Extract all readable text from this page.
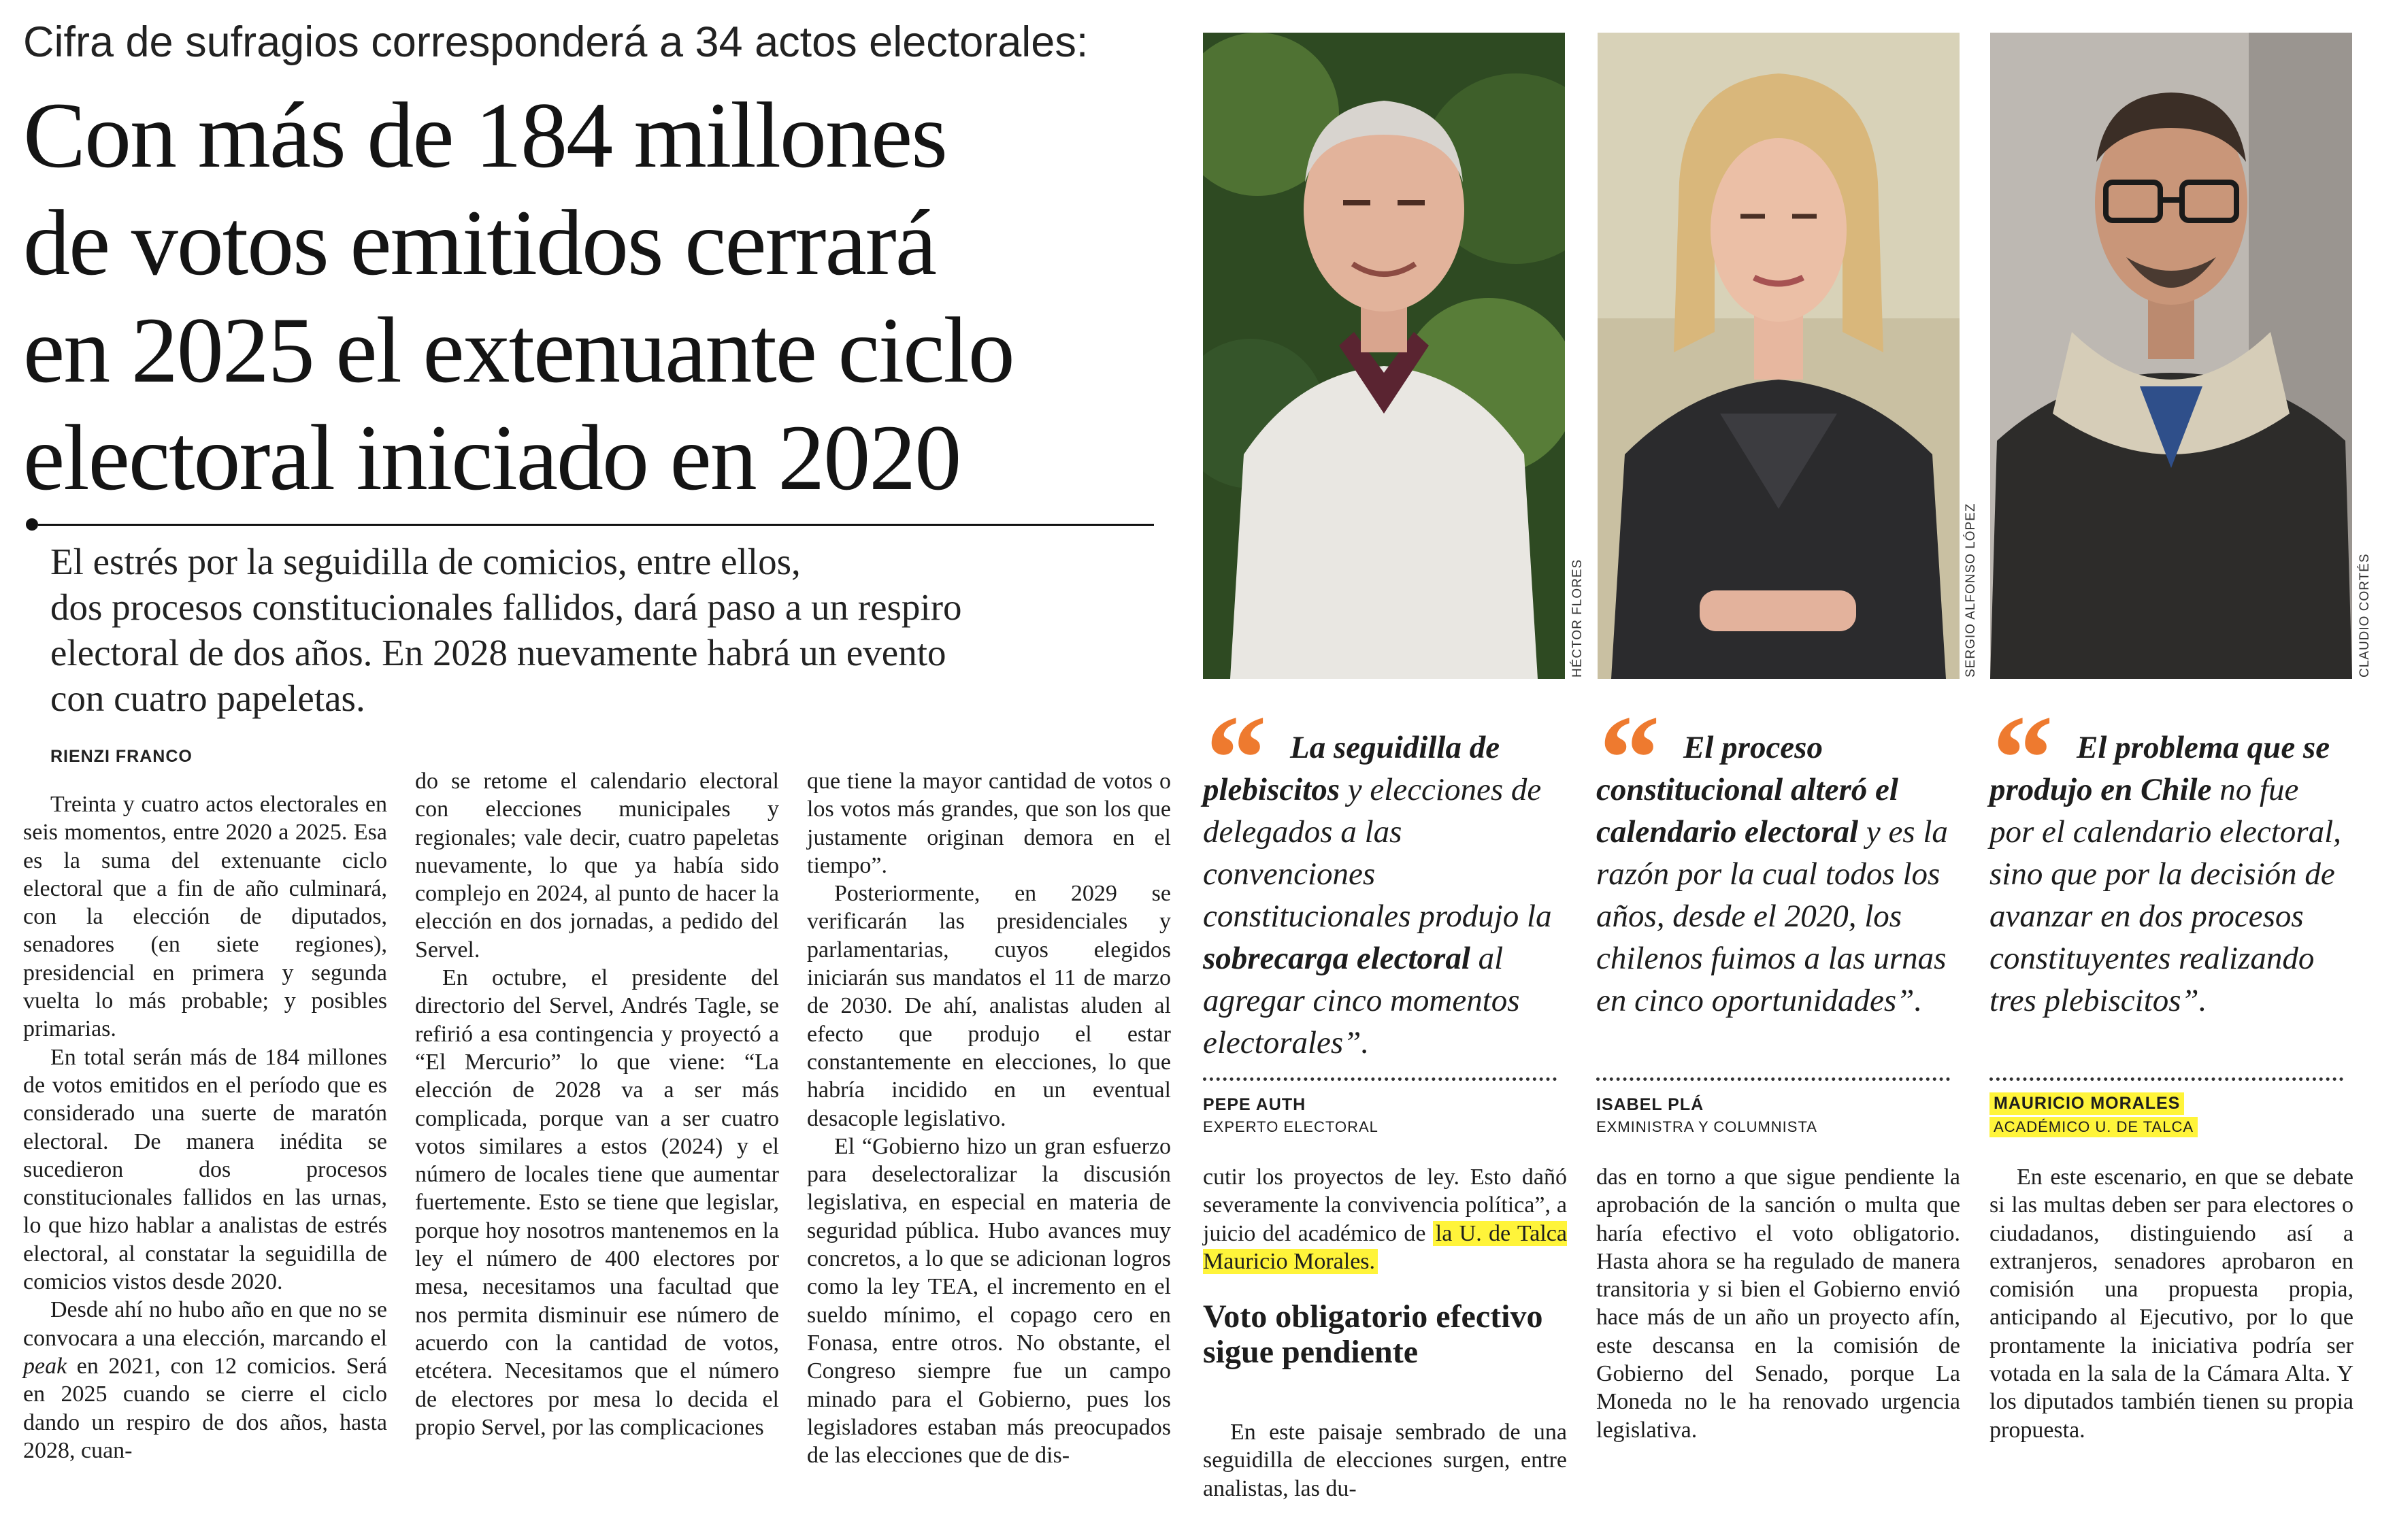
Cifra de sufragios corresponderá a 34 actos electorales:
Con más de 184 millones
de votos emitidos cerrará
en 2025 el extenuante ciclo
electoral iniciado en 2020
El estrés por la seguidilla de comicios, entre ellos,
dos procesos constitucionales fallidos, dará paso a un respiro
electoral de dos años. En 2028 nuevamente habrá un evento
con cuatro papeletas.
RIENZI FRANCO

Treinta y cuatro actos electorales en seis momentos, entre 2020 a 2025. Esa es la suma del extenuante ciclo electoral que a fin de año culminará, con la elección de diputados, senadores (en siete regiones), presidencial en primera y segunda vuelta lo más probable; y posibles primarias.

En total serán más de 184 millones de votos emitidos en el período que es considerado una suerte de maratón electoral. De manera inédita se sucedieron dos procesos constitucionales fallidos en las urnas, lo que hizo hablar a analistas de estrés electoral, al constatar la seguidilla de comicios vistos desde 2020.

Desde ahí no hubo año en que no se convocara a una elección, marcando el peak en 2021, con 12 comicios. Será en 2025 cuando se cierre el ciclo dando un respiro de dos años, hasta 2028, cuan-

do se retome el calendario electoral con elecciones municipales y regionales; vale decir, cuatro papeletas nuevamente, lo que ya había sido complejo en 2024, al punto de hacer la elección en dos jornadas, a pedido del Servel.

En octubre, el presidente del directorio del Servel, Andrés Tagle, se refirió a esa contingencia y proyectó a “El Mercurio” lo que viene: “La elección de 2028 va a ser más complicada, porque van a ser cuatro votos similares a estos (2024) y el número de locales tiene que aumentar fuertemente. Esto se tiene que legislar, porque hoy nosotros mantenemos en la ley el número de 400 electores por mesa, necesitamos una facultad que nos permita disminuir ese número de acuerdo con la cantidad de votos, etcétera. Necesitamos que el número de electores por mesa lo decida el propio Servel, por las complicaciones

que tiene la mayor cantidad de votos o los votos más grandes, que son los que justamente originan demora en el tiempo”.

Posteriormente, en 2029 se verificarán las presidenciales y parlamentarias, cuyos elegidos iniciarán sus mandatos el 11 de marzo de 2030. De ahí, analistas aluden al efecto que produjo el estar constantemente en elecciones, lo que habría incidido en un eventual desacople legislativo.

El “Gobierno hizo un gran esfuerzo para deselectoralizar la discusión legislativa, en especial en materia de seguridad pública. Hubo avances muy concretos, a lo que se adicionan logros como la ley TEA, el incremento en el sueldo mínimo, el copago cero en Fonasa, entre otros. No obstante, el Congreso siempre fue un campo minado para el Gobierno, pues los legisladores estaban más preocupados de las elecciones que de dis-

HÉCTOR FLORES	SERGIO ALFONSO LÓPEZ	CLAUDIO CORTÉS
La seguidilla de plebiscitos y elecciones de delegados a las convenciones constitucionales produjo la sobrecarga electoral al agregar cinco momentos electorales”.
El proceso constitucional alteró el calendario electoral y es la razón por la cual todos los años, desde el 2020, los chilenos fuimos a las urnas en cinco oportunidades”.
El problema que se produjo en Chile no fue por el calendario electoral, sino que por la decisión de avanzar en dos procesos constituyentes realizando tres plebiscitos”.
PEPE AUTH
EXPERTO ELECTORAL
ISABEL PLÁ
EXMINISTRA Y COLUMNISTA
MAURICIO MORALES
ACADÉMICO U. DE TALCA

cutir los proyectos de ley. Esto dañó severamente la convivencia política”, a juicio del académico de la U. de Talca Mauricio Morales.

Voto obligatorio efectivo sigue pendiente

En este paisaje sembrado de una seguidilla de elecciones surgen, entre analistas, las du-

das en torno a que sigue pendiente la aprobación de la sanción o multa que haría efectivo el voto obligatorio. Hasta ahora se ha regulado de manera transitoria y si bien el Gobierno envió hace más de un año un proyecto afín, este descansa en la comisión de Gobierno del Senado, porque La Moneda no le ha renovado urgencia legislativa.

En este escenario, en que se debate si las multas deben ser para electores o ciudadanos, distinguiendo así a extranjeros, senadores aprobaron en comisión una propuesta propia, anticipando al Ejecutivo, por lo que prontamente la iniciativa podría ser votada en la sala de la Cámara Alta. Y los diputados también tienen su propia propuesta.
